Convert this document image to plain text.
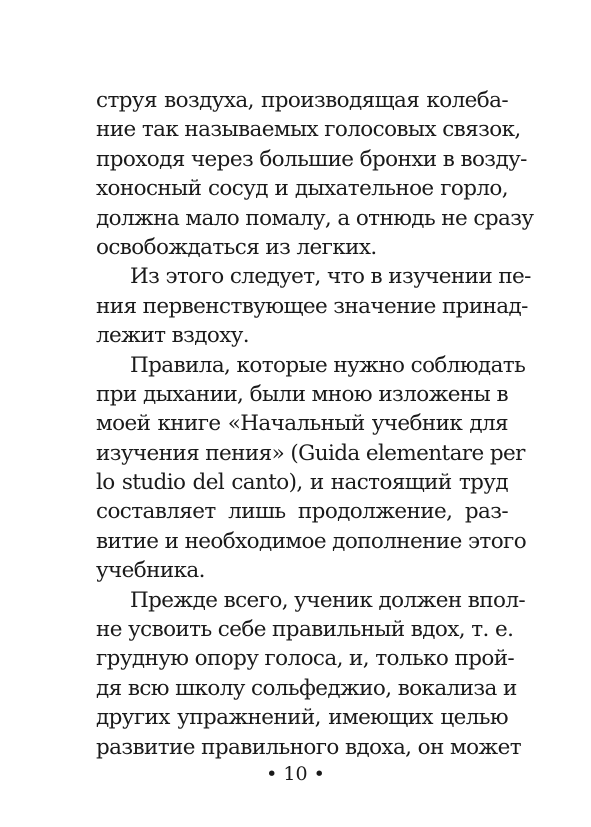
струя воздуха, производящая колеба-
ние так называемых голосовых связок,
проходя через большие бронхи в возду-
хоносный сосуд и дыхательное горло,
должна мало помалу, а отнюдь не сразу
освобождаться из легких.
Из этого следует, что в изучении пе-
ния первенствующее значение принад-
лежит вздоху.
Правила, которые нужно соблюдать
при дыхании, были мною изложены в
моей книге «Начальный учебник для
изучения пения» (Guida elementare per
lo studio del canto), и настоящий труд
составляет лишь продолжение, раз-
витие и необходимое дополнение этого
учебника.
Прежде всего, ученик должен впол-
не усвоить себе правильный вдох, т. е.
грудную опору голоса, и, только прой-
дя всю школу сольфеджио, вокализа и
других упражнений, имеющих целью
развитие правильного вдоха, он может
• 10 •
